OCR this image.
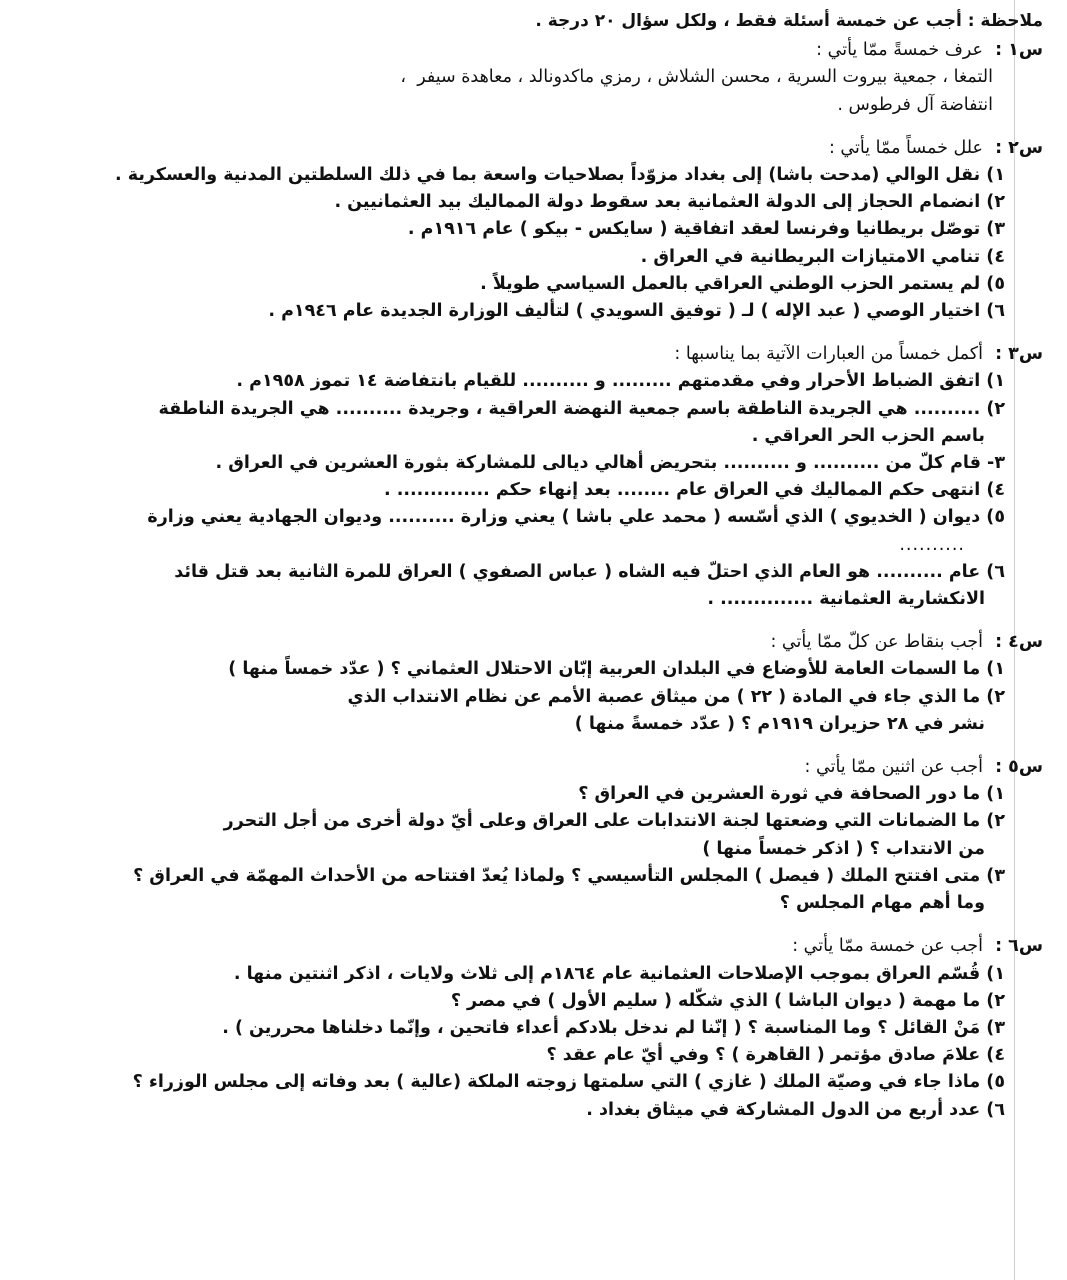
ملاحظة : أجب عن خمسة أسئلة فقط ، ولكل سؤال ٢٠ درجة .
س١ : عرف خمسةً ممّا يأتي :
التمغا، جمعية بيروت السرية، محسن الشلاش، رمزي ماكدونالد، معاهدة سيفر  ،
انتفاضة آل فرطوس .
س٢ : علل خمساً ممّا يأتي :
١) نقل الوالي (مدحت باشا) إلى بغداد مزوّداً بصلاحيات واسعة بما في ذلك السلطتين المدنية والعسكرية .
٢) انضمام الحجاز إلى الدولة العثمانية بعد سقوط دولة المماليك بيد العثمانيين .
٣) توصّل بريطانيا وفرنسا لعقد اتفاقية ( سايكس - بيكو ) عام ١٩١٦م .
٤) تنامي الامتيازات البريطانية في العراق .
٥) لم يستمر الحزب الوطني العراقي بالعمل السياسي طويلاً .
٦) اختيار الوصي ( عبد الإله ) لـ ( توفيق السويدي ) لتأليف الوزارة الجديدة عام ١٩٤٦م .
س٣ : أكمل خمساً من العبارات الآتية بما يناسبها :
١) اتفق الضباط الأحرار وفي مقدمتهم ......... و .......... للقيام بانتفاضة ١٤ تموز ١٩٥٨م .
٢) .......... هي الجريدة الناطقة باسم جمعية النهضة العراقية ، وجريدة .......... هي الجريدة الناطقة
باسم الحزب الحر العراقي .
٣- قام كلّ من .......... و .......... بتحريض أهالي ديالى للمشاركة بثورة العشرين في العراق .
٤) انتهى حكم المماليك في العراق عام ........ بعد إنهاء حكم .............. .
٥) ديوان ( الخديوي ) الذي أسّسه ( محمد علي باشا ) يعني وزارة .......... وديوان الجهادية يعني وزارة
..........
٦) عام .......... هو العام الذي احتلّ فيه الشاه ( عباس الصفوي ) العراق للمرة الثانية بعد قتل قائد
الانكشارية العثمانية .............. .
س٤ : أجب بنقاط عن كلّ ممّا يأتي :
١) ما السمات العامة للأوضاع في البلدان العربية إبّان الاحتلال العثماني ؟ ( عدّد خمساً منها )
٢) ما الذي جاء في المادة ( ٢٢ ) من ميثاق عصبة الأمم عن نظام الانتداب الذي
نشر في ٢٨ حزيران ١٩١٩م ؟ ( عدّد خمسةً منها )
س٥ : أجب عن اثنين ممّا يأتي :
١) ما دور الصحافة في ثورة العشرين في العراق ؟
٢) ما الضمانات التي وضعتها لجنة الانتدابات على العراق وعلى أيّ دولة أخرى من أجل التحرر
من الانتداب ؟ ( اذكر خمساً منها )
٣) متى افتتح الملك ( فيصل ) المجلس التأسيسي ؟ ولماذا يُعدّ افتتاحه من الأحداث المهمّة في العراق ؟
وما أهم مهام المجلس ؟
س٦ : أجب عن خمسة ممّا يأتي :
١) قُسّم العراق بموجب الإصلاحات العثمانية عام ١٨٦٤م إلى ثلاث ولايات ، اذكر اثنتين منها .
٢) ما مهمة ( ديوان الباشا ) الذي شكّله ( سليم الأول ) في مصر ؟
٣) مَنْ القائل ؟ وما المناسبة ؟ ( إنّنا لم ندخل بلادكم أعداء فاتحين ، وإنّما دخلناها محررين ) .
٤) علامَ صادق مؤتمر ( القاهرة ) ؟ وفي أيّ عام عقد ؟
٥) ماذا جاء في وصيّة الملك ( غازي ) التي سلمتها زوجته الملكة (عالية ) بعد وفاته إلى مجلس الوزراء ؟
٦) عدد أربع من الدول المشاركة في ميثاق بغداد .
